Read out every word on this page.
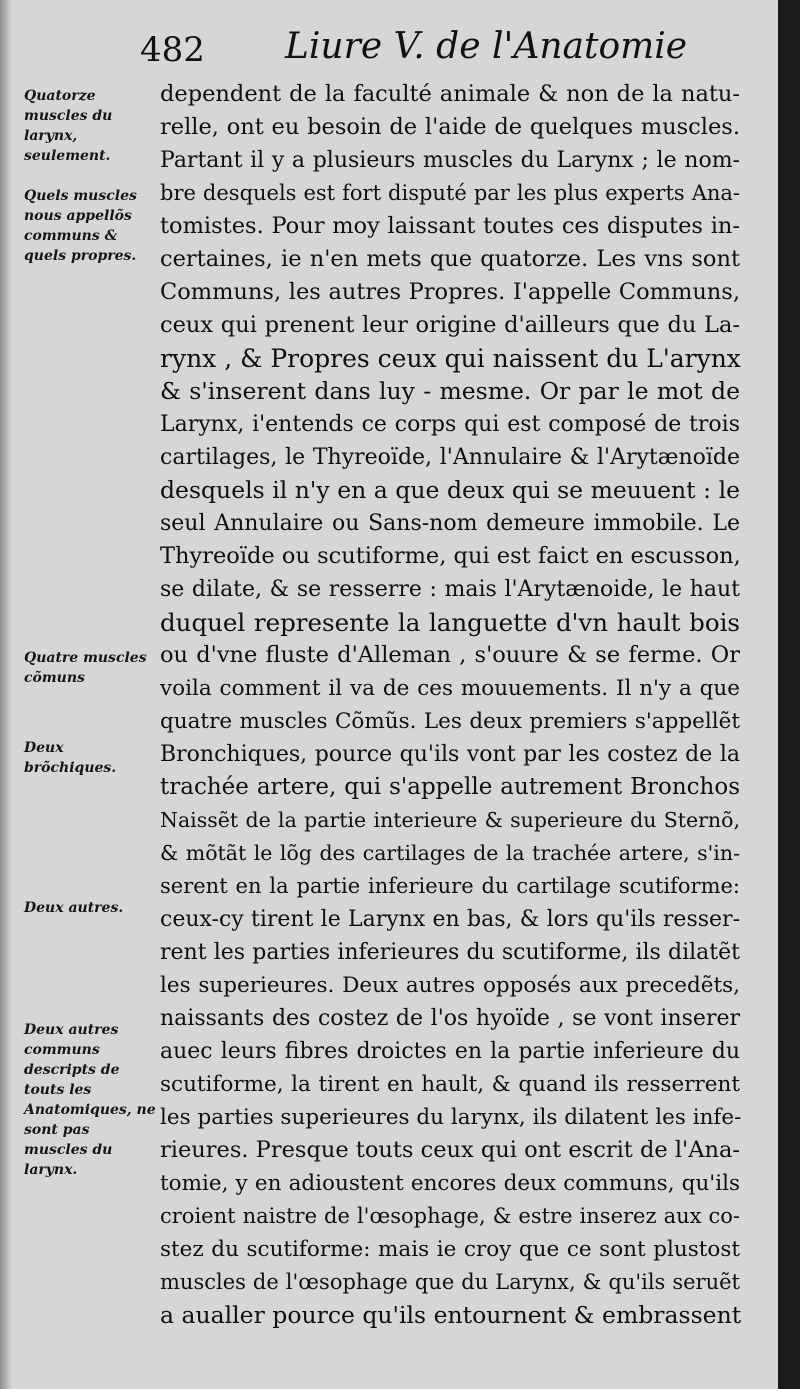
482 Liure V. de l'Anatomie

Quatorze muscles du larynx, seulement.

Quels muscles nous appellõs communs & quels propres.

Quatre muscles cõmuns

Deux brõchiques.

Deux autres.

Deux autres communs descripts de touts les Anatomiques, ne sont pas muscles du larynx.

dependent de la faculté animale & non de la natu-

relle, ont eu besoin de l'aide de quelques muscles.

Partant il y a plusieurs muscles du Larynx ; le nom-

bre desquels est fort disputé par les plus experts Ana-

tomistes. Pour moy laissant toutes ces disputes in-

certaines, ie n'en mets que quatorze. Les vns sont

Communs, les autres Propres. I'appelle Communs,

ceux qui prenent leur origine d'ailleurs que du La-

rynx , & Propres ceux qui naissent du L'arynx

& s'inserent dans luy - mesme. Or par le mot de

Larynx, i'entends ce corps qui est composé de trois

cartilages, le Thyreoïde, l'Annulaire & l'Arytænoïde

desquels il n'y en a que deux qui se meuuent : le

seul Annulaire ou Sans-nom demeure immobile. Le

Thyreoïde ou scutiforme, qui est faict en escusson,

se dilate, & se resserre : mais l'Arytænoide, le haut

duquel represente la languette d'vn hault bois

ou d'vne fluste d'Alleman , s'ouure & se ferme. Or

voila comment il va de ces mouuements. Il n'y a que

quatre muscles Cõmũs. Les deux premiers s'appellẽt

Bronchiques, pource qu'ils vont par les costez de la

trachée artere, qui s'appelle autrement Bronchos

Naissẽt de la partie interieure & superieure du Sternõ,

& mõtãt le lõg des cartilages de la trachée artere, s'in-

serent en la partie inferieure du cartilage scutiforme:

ceux-cy tirent le Larynx en bas, & lors qu'ils resser-

rent les parties inferieures du scutiforme, ils dilatẽt

les superieures. Deux autres opposés aux precedẽts,

naissants des costez de l'os hyoïde , se vont inserer

auec leurs fibres droictes en la partie inferieure du

scutiforme, la tirent en hault, & quand ils resserrent

les parties superieures du larynx, ils dilatent les infe-

rieures. Presque touts ceux qui ont escrit de l'Ana-

tomie, y en adioustent encores deux communs, qu'ils

croient naistre de l'œsophage, & estre inserez aux co-

stez du scutiforme: mais ie croy que ce sont plustost

muscles de l'œsophage que du Larynx, & qu'ils seruẽt

a aualler pource qu'ils entournent & embrassent
